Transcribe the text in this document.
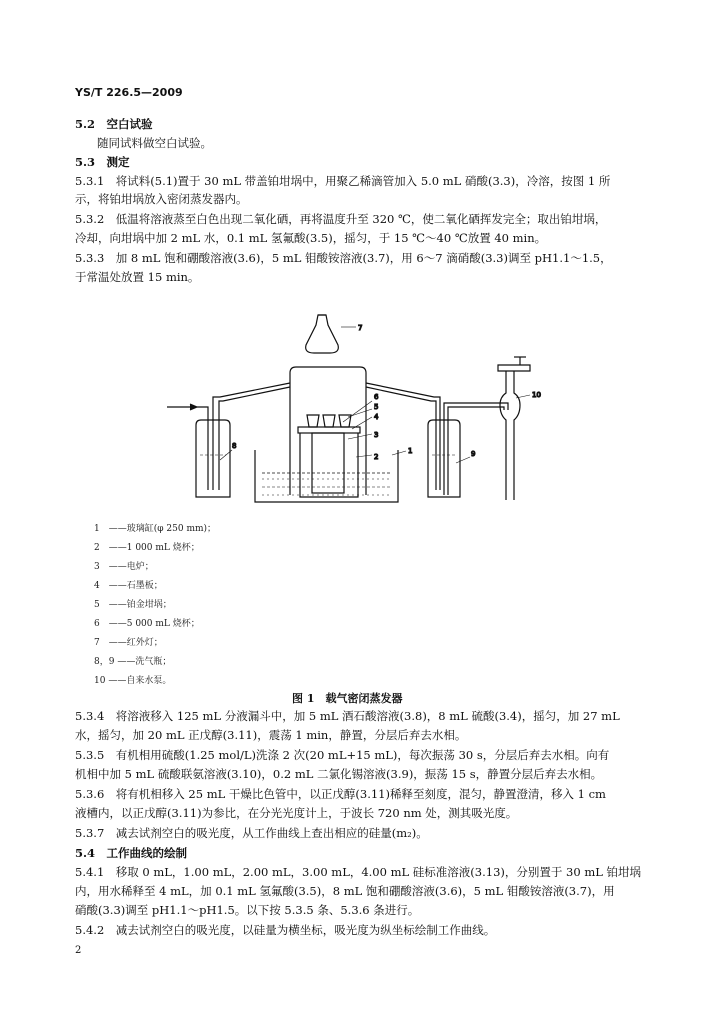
YS/T 226.5—2009
5.2　空白试验
随同试料做空白试验。
5.3　测定
5.3.1　将试料(5.1)置于 30 mL 带盖铂坩埚中，用聚乙稀滴管加入 5.0 mL 硝酸(3.3)，冷溶，按图 1 所
示，将铂坩埚放入密闭蒸发器内。
5.3.2　低温将溶液蒸至白色出现二氧化硒，再将温度升至 320 ℃，使二氧化硒挥发完全；取出铂坩埚，
冷却，向坩埚中加 2 mL 水，0.1 mL 氢氟酸(3.5)，摇匀，于 15 ℃～40 ℃放置 40 min。
5.3.3　加 8 mL 饱和硼酸溶液(3.6)，5 mL 钼酸铵溶液(3.7)，用 6～7 滴硝酸(3.3)调至 pH1.1～1.5，
于常温处放置 15 min。
7
6
5
4
3
2
1
8
9
10
1　——玻璃缸(φ 250 mm)；
2　——1 000 mL 烧杯；
3　——电炉；
4　——石墨板；
5　——铂金坩埚；
6　——5 000 mL 烧杯；
7　——红外灯；
8，9 ——洗气瓶；
10 ——自来水泵。
图 1　载气密闭蒸发器
5.3.4　将溶液移入 125 mL 分液漏斗中，加 5 mL 酒石酸溶液(3.8)，8 mL 硫酸(3.4)，摇匀，加 27 mL
水，摇匀，加 20 mL 正戊醇(3.11)，震荡 1 min，静置，分层后弃去水相。
5.3.5　有机相用硫酸(1.25 mol/L)洗涤 2 次(20 mL+15 mL)，每次振荡 30 s，分层后弃去水相。向有
机相中加 5 mL 硫酸联氨溶液(3.10)，0.2 mL 二氯化锡溶液(3.9)，振荡 15 s，静置分层后弃去水相。
5.3.6　将有机相移入 25 mL 干燥比色管中，以正戊醇(3.11)稀释至刻度，混匀，静置澄清，移入 1 cm
液槽内，以正戊醇(3.11)为参比，在分光光度计上，于波长 720 nm 处，测其吸光度。
5.3.7　减去试剂空白的吸光度，从工作曲线上查出相应的硅量(m₂)。
5.4　工作曲线的绘制
5.4.1　移取 0 mL，1.00 mL，2.00 mL，3.00 mL，4.00 mL 硅标准溶液(3.13)，分别置于 30 mL 铂坩埚
内，用水稀释至 4 mL，加 0.1 mL 氢氟酸(3.5)，8 mL 饱和硼酸溶液(3.6)，5 mL 钼酸铵溶液(3.7)，用
硝酸(3.3)调至 pH1.1～pH1.5。以下按 5.3.5 条、5.3.6 条进行。
5.4.2　减去试剂空白的吸光度，以硅量为横坐标，吸光度为纵坐标绘制工作曲线。
2
